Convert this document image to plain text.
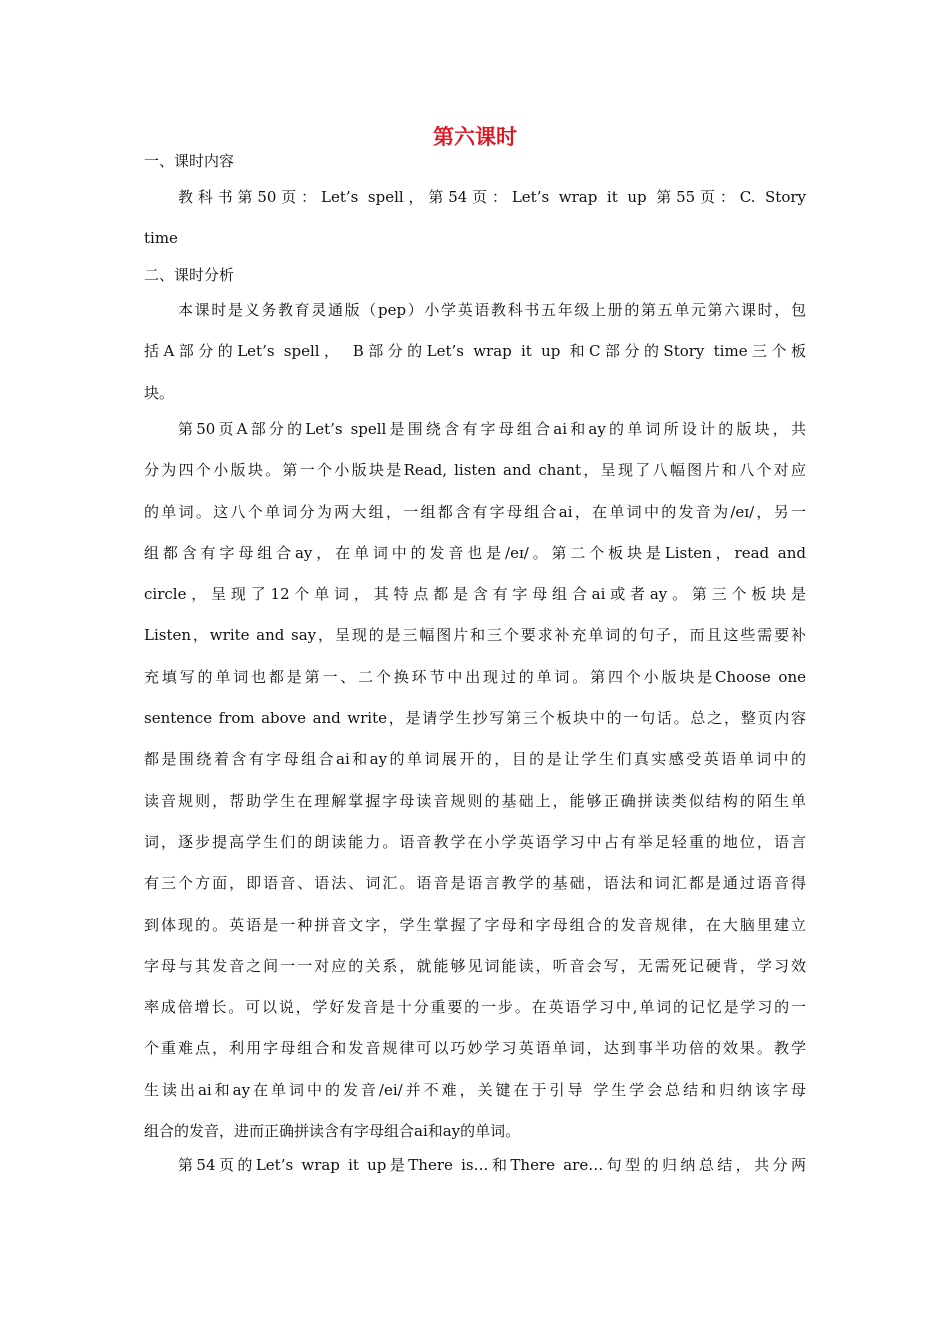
第六课时
一、课时内容
教科书第50页：Let’s spell，第54页：Let’s wrap it up 第55页：C. Story
time
二、课时分析
本课时是义务教育灵通版（pep）小学英语教科书五年级上册的第五单元第六课时，包
括A部分的Let’s spell， B部分的Let’s wrap it up 和C部分的Story time三个板
块。
第50页A部分的Let’s spell是围绕含有字母组合ai和ay的单词所设计的版块，共
分为四个小版块。第一个小版块是Read, listen and chant，呈现了八幅图片和八个对应
的单词。这八个单词分为两大组，一组都含有字母组合ai，在单词中的发音为/eɪ/，另一
组都含有字母组合ay，在单词中的发音也是/eɪ/。第二个板块是Listen，read and
circle，呈现了12个单词，其特点都是含有字母组合ai或者ay。第三个板块是
Listen，write and say，呈现的是三幅图片和三个要求补充单词的句子，而且这些需要补
充填写的单词也都是第一、二个换环节中出现过的单词。第四个小版块是Choose one
sentence from above and write，是请学生抄写第三个板块中的一句话。总之，整页内容
都是围绕着含有字母组合ai和ay的单词展开的，目的是让学生们真实感受英语单词中的
读音规则，帮助学生在理解掌握字母读音规则的基础上，能够正确拼读类似结构的陌生单
词，逐步提高学生们的朗读能力。语音教学在小学英语学习中占有举足轻重的地位，语言
有三个方面，即语音、语法、词汇。语音是语言教学的基础，语法和词汇都是通过语音得
到体现的。英语是一种拼音文字，学生掌握了字母和字母组合的发音规律，在大脑里建立
字母与其发音之间一一对应的关系，就能够见词能读，听音会写，无需死记硬背，学习效
率成倍增长。可以说，学好发音是十分重要的一步。在英语学习中,单词的记忆是学习的一
个重难点，利用字母组合和发音规律可以巧妙学习英语单词，达到事半功倍的效果。教学
生读出ai和ay在单词中的发音/ei/并不难，关键在于引导 学生学会总结和归纳该字母
组合的发音，进而正确拼读含有字母组合ai和ay的单词。
第54页的Let’s wrap it up是There is…和There are…句型的归纳总结，共分两
